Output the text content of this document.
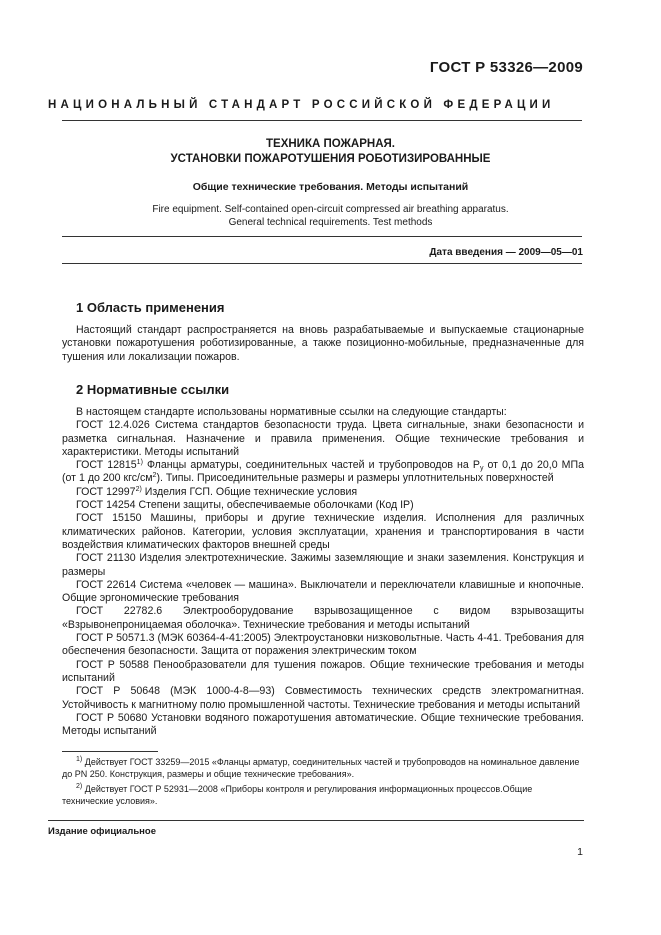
ГОСТ Р 53326—2009
НАЦИОНАЛЬНЫЙ СТАНДАРТ РОССИЙСКОЙ ФЕДЕРАЦИИ
ТЕХНИКА ПОЖАРНАЯ.
УСТАНОВКИ ПОЖАРОТУШЕНИЯ РОБОТИЗИРОВАННЫЕ
Общие технические требования. Методы испытаний
Fire equipment. Self-contained open-circuit compressed air breathing apparatus.
General technical requirements. Test methods
Дата введения — 2009—05—01
1 Область применения

Настоящий стандарт распространяется на вновь разрабатываемые и выпускаемые стационарные установки пожаротушения роботизированные, а также позиционно-мобильные, предназначенные для тушения или локализации пожаров.

2 Нормативные ссылки

В настоящем стандарте использованы нормативные ссылки на следующие стандарты:

ГОСТ 12.4.026 Система стандартов безопасности труда. Цвета сигнальные, знаки безопасности и разметка сигнальная. Назначение и правила применения. Общие технические требования и характеристики. Методы испытаний

ГОСТ 12815$^{1)}$ Фланцы арматуры, соединительных частей и трубопроводов на $P_у$ от 0,1 до 20,0 МПа (от 1 до 200 кгс/$см^2$). Типы. Присоединительные размеры и размеры уплотнительных поверхностей

ГОСТ 12997$^{2)}$ Изделия ГСП. Общие технические условия

ГОСТ 14254 Степени защиты, обеспечиваемые оболочками (Код IP)

ГОСТ 15150 Машины, приборы и другие технические изделия. Исполнения для различных климатических районов. Категории, условия эксплуатации, хранения и транспортирования в части воздействия климатических факторов внешней среды

ГОСТ 21130 Изделия электротехнические. Зажимы заземляющие и знаки заземления. Конструкция и размеры

ГОСТ 22614 Система «человек — машина». Выключатели и переключатели клавишные и кнопочные. Общие эргономические требования

ГОСТ 22782.6 Электрооборудование взрывозащищенное с видом взрывозащиты «Взрывонепроницаемая оболочка». Технические требования и методы испытаний

ГОСТ Р 50571.3 (МЭК 60364-4-41:2005) Электроустановки низковольтные. Часть 4-41. Требования для обеспечения безопасности. Защита от поражения электрическим током

ГОСТ Р 50588 Пенообразователи для тушения пожаров. Общие технические требования и методы испытаний

ГОСТ Р 50648 (МЭК 1000-4-8—93) Совместимость технических средств электромагнитная. Устойчивость к магнитному полю промышленной частоты. Технические требования и методы испытаний

ГОСТ Р 50680 Установки водяного пожаротушения автоматические. Общие технические требования. Методы испытаний

$^{1)}$ Действует ГОСТ 33259—2015 «Фланцы арматур, соединительных частей и трубопроводов на номинальное давление до PN 250. Конструкция, размеры и общие технические требования».

$^{2)}$ Действует ГОСТ Р 52931—2008 «Приборы контроля и регулирования информационных процессов.Общие технические условия».

Издание официальное
1
